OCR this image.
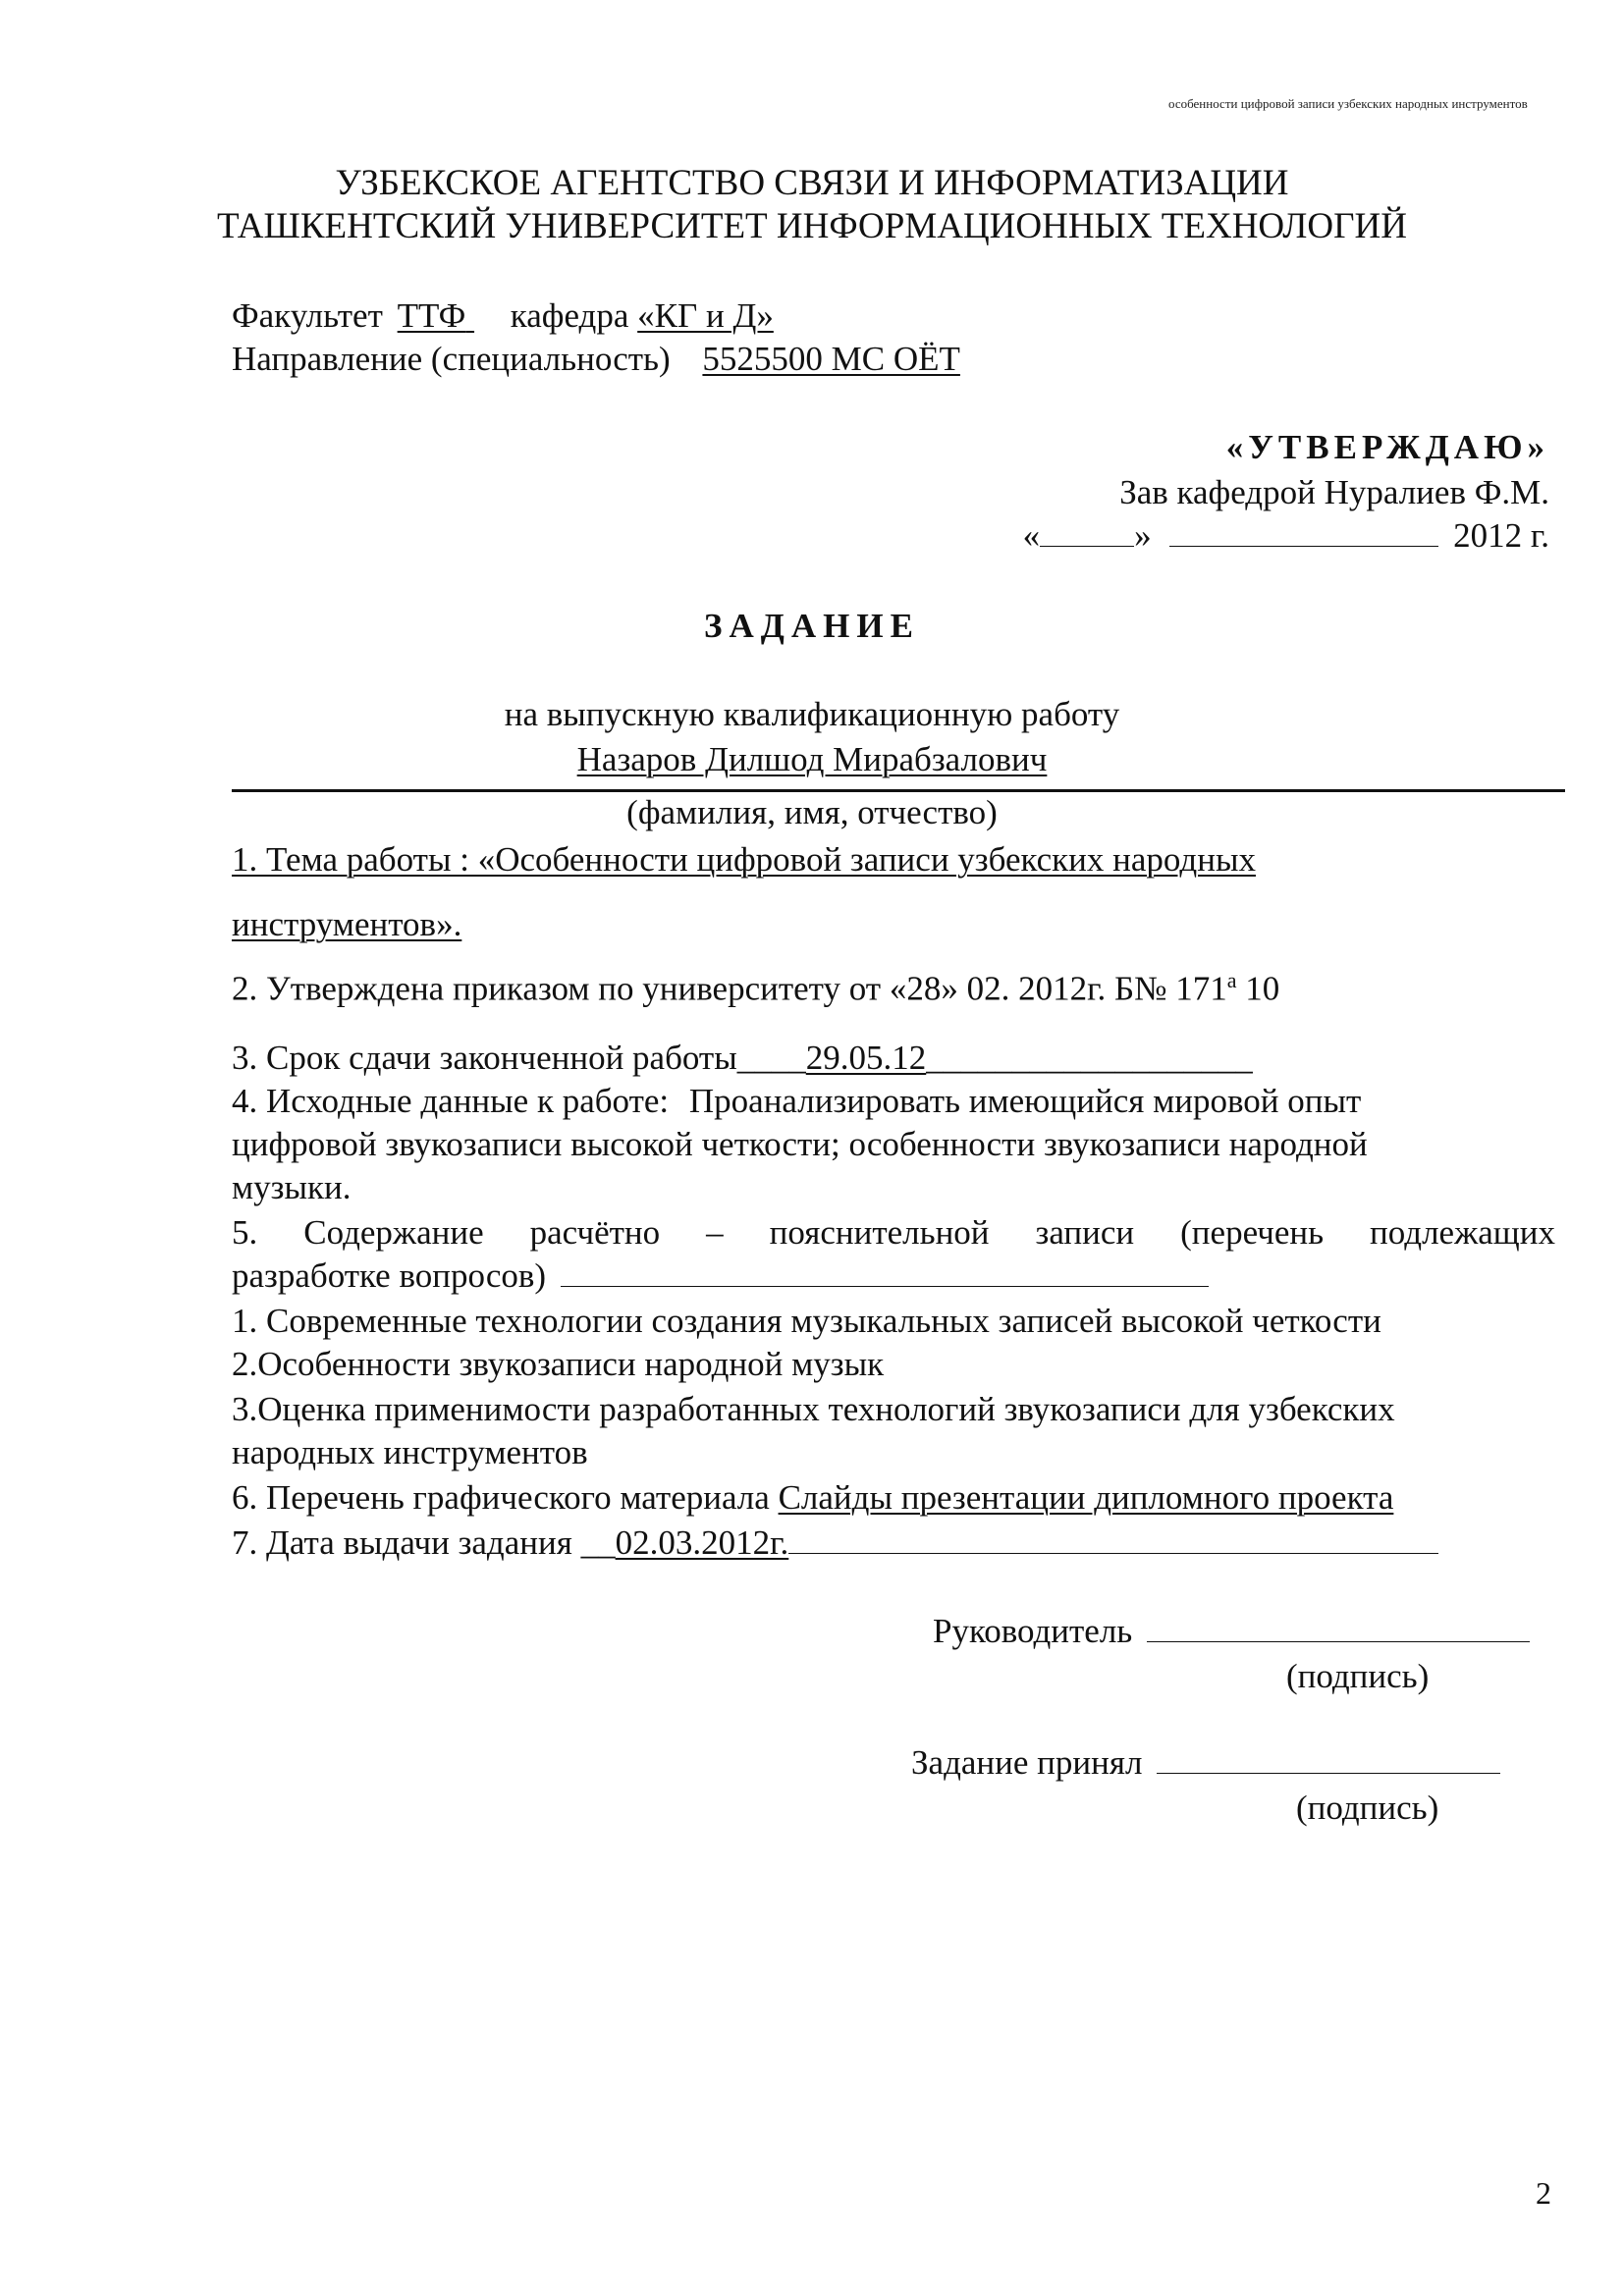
особенности цифровой записи узбекских народных инструментов
УЗБЕКСКОЕ АГЕНТСТВО СВЯЗИ И ИНФОРМАТИЗАЦИИ
ТАШКЕНТСКИЙ УНИВЕРСИТЕТ ИНФОРМАЦИОННЫХ ТЕХНОЛОГИЙ
Факультет ТТФ кафедра «КГ и Д»
Направление (специальность) 5525500 МС ОЁТ
«УТВЕРЖДАЮ»
Зав кафедрой Нуралиев Ф.М.
«	»	2012 г.
ЗАДАНИЕ
на выпускную квалификационную работу
Назаров Дилшод Мирабзалович
(фамилия, имя, отчество)
1. Тема работы : «Особенности цифровой записи узбекских народных
инструментов».
2. Утверждена приказом по университету от «28» 02. 2012г. Б№ $171^а$ 10
3. Срок сдачи законченной работы____29.05.12___________________
4. Исходные данные к работе: Проанализировать имеющийся мировой опыт
цифровой звукозаписи высокой четкости; особенности звукозаписи народной
музыки.
5. Содержание расчётно – пояснительной записи (перечень подлежащих
разработке вопросов)
1. Современные технологии создания музыкальных записей высокой четкости
2.Особенности звукозаписи народной музык
3.Оценка применимости разработанных технологий звукозаписи для узбекских
народных инструментов
6. Перечень графического материала Слайды презентации дипломного проекта
7. Дата выдачи задания __02.03.2012г.
Руководитель
(подпись)
Задание принял
(подпись)
2
